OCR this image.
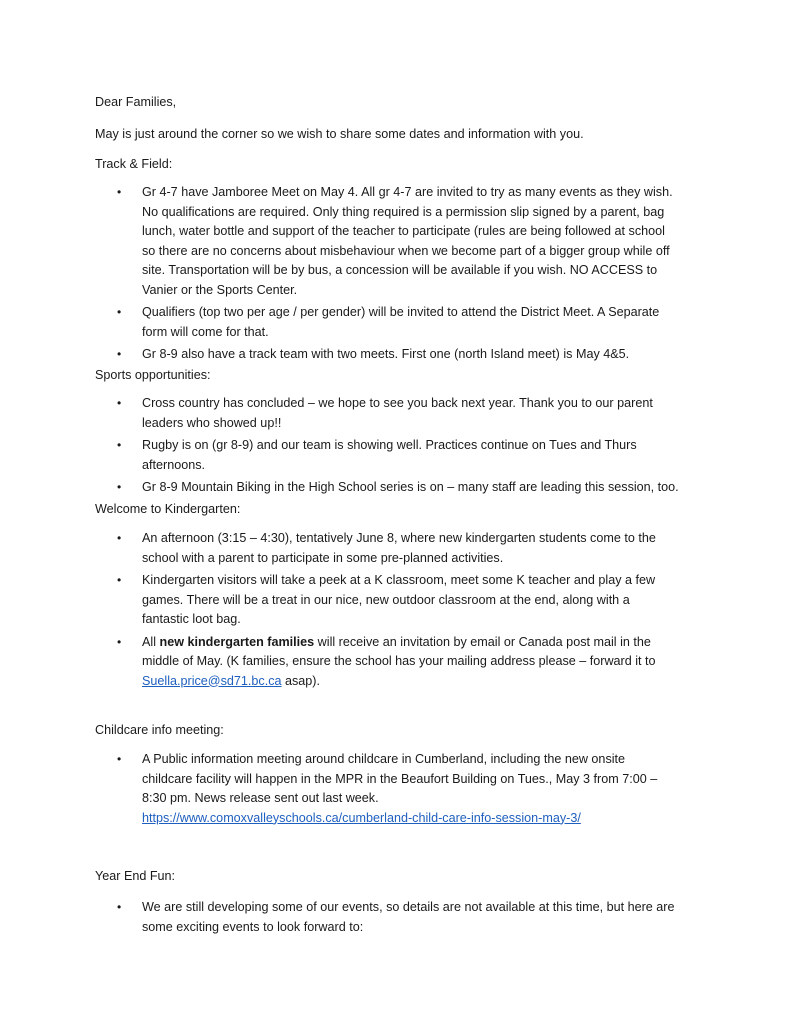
Dear Families,

May is just around the corner so we wish to share some dates and information with you.

Track & Field:

• Gr 4-7 have Jamboree Meet on May 4. All gr 4-7 are invited to try as many events as they wish.
No qualifications are required. Only thing required is a permission slip signed by a parent, bag
lunch, water bottle and support of the teacher to participate (rules are being followed at school
so there are no concerns about misbehaviour when we become part of a bigger group while off
site. Transportation will be by bus, a concession will be available if you wish. NO ACCESS to
Vanier or the Sports Center.
• Qualifiers (top two per age / per gender) will be invited to attend the District Meet. A Separate
form will come for that.
• Gr 8-9 also have a track team with two meets. First one (north Island meet) is May 4&5.

Sports opportunities:

• Cross country has concluded – we hope to see you back next year. Thank you to our parent
leaders who showed up!!
• Rugby is on (gr 8-9) and our team is showing well. Practices continue on Tues and Thurs
afternoons.
• Gr 8-9 Mountain Biking in the High School series is on – many staff are leading this session, too.

Welcome to Kindergarten:

• An afternoon (3:15 – 4:30), tentatively June 8, where new kindergarten students come to the
school with a parent to participate in some pre-planned activities.
• Kindergarten visitors will take a peek at a K classroom, meet some K teacher and play a few
games. There will be a treat in our nice, new outdoor classroom at the end, along with a
fantastic loot bag.
• All new kindergarten families will receive an invitation by email or Canada post mail in the
middle of May. (K families, ensure the school has your mailing address please – forward it to
Suella.price@sd71.bc.ca asap).

Childcare info meeting:

• A Public information meeting around childcare in Cumberland, including the new onsite
childcare facility will happen in the MPR in the Beaufort Building on Tues., May 3 from 7:00 –
8:30 pm. News release sent out last week.
https://www.comoxvalleyschools.ca/cumberland-child-care-info-session-may-3/

Year End Fun:

• We are still developing some of our events, so details are not available at this time, but here are
some exciting events to look forward to:
